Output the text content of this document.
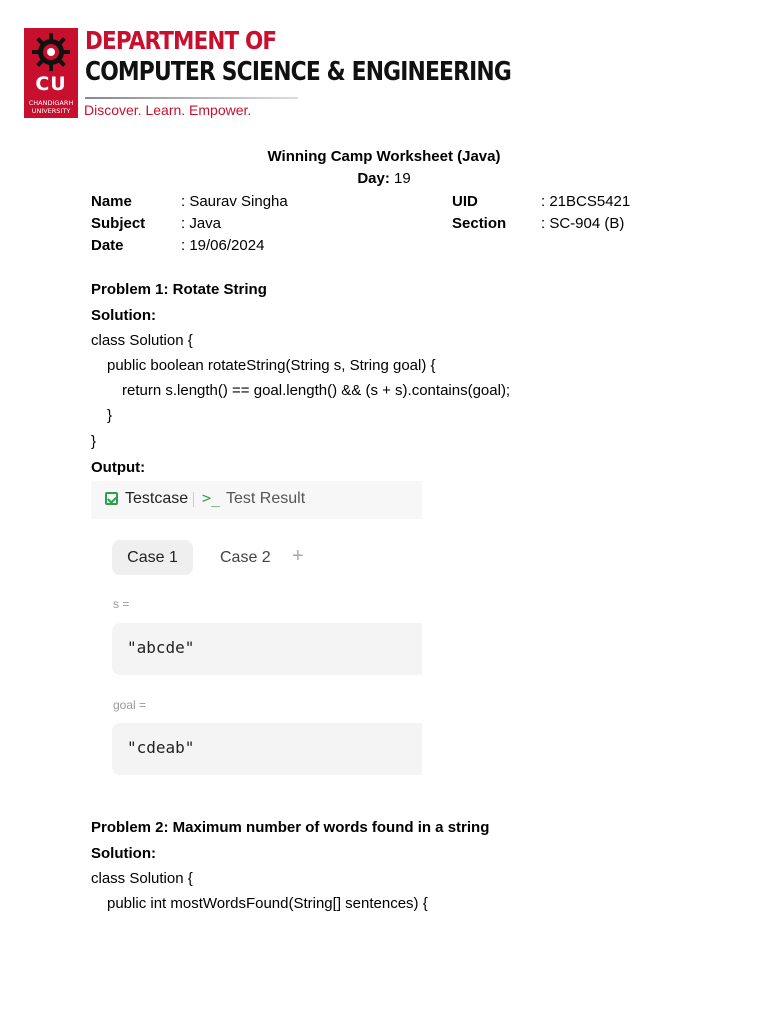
CU
CHANDIGARH
UNIVERSITY
DEPARTMENT OF
COMPUTER SCIENCE & ENGINEERING
Discover. Learn. Empower.
Winning Camp Worksheet (Java)
Day: 19
Name	: Saurav Singha
Subject : Java
Date	: 19/06/2024
UID	: 21BCS5421
Section : SC-904 (B)
Problem 1: Rotate String
Solution:
class Solution {
public boolean rotateString(String s, String goal) {
return s.length() == goal.length() && (s + s).contains(goal);
}
}
Output:
Testcase >_ Test Result
Case 1	Case 2 +
s =
"abcde"
goal =
"cdeab"
Problem 2: Maximum number of words found in a string
Solution:
class Solution {
public int mostWordsFound(String[] sentences) {
